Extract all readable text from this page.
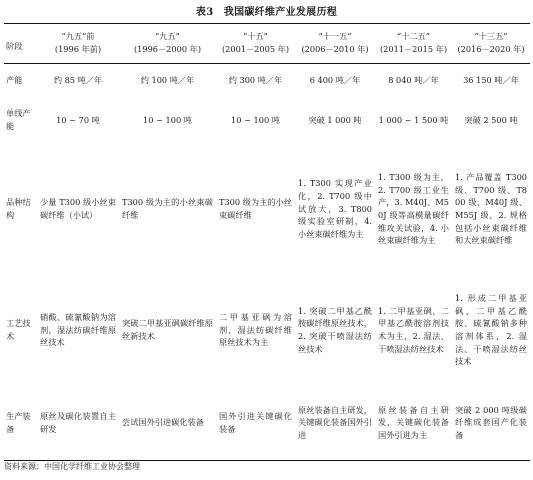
表3　我国碳纤维产业发展历程
阶段	“九五”前	“九五”	“十五”	“十一五”	“十二五”	“十三五”
	(1996 年前)	(1996－2000 年)	(2001－2005 年)	(2006－2010 年)	(2011－2015 年)	(2016－2020 年)
产能	约 85 吨／年	约 100 吨／年	约 300 吨／年	6 400 吨／年	8 040 吨／年	36 150 吨／年
单线产能	10 ~ 70 吨	10 ~ 100 吨	10 ~ 100 吨	突破 1 000 吨	1 000 ~ 1 500 吨	突破 2 500 吨
品种结构	少量 T300 级小丝束碳纤维（小试）	T300 级为主的小丝束碳纤维	T300 级为主的小丝束碳纤维	1. T300 实现产业化，2. T700 级中试放大，3. T800 级实验室研制，4. 小丝束碳纤维为主	1. T300 级为主，2. T700 级工业生产，3. M40J、M50J 级等高模量碳纤维攻关试验，4. 小丝束碳纤维为主	1. 产品覆盖 T300 级、T700 级、T800 级、M40J 级、M55J 级，2. 规格包括小丝束碳纤维和大丝束碳纤维
工艺技术	硝酸、硫氰酸钠为溶剂，湿法纺碳纤维原丝技术	突破二甲基亚砜碳纤维原丝新技术	二甲基亚砜为溶剂，湿法纺碳纤维原丝技术为主	1. 突破二甲基乙酰胺碳纤维原丝技术，2. 突破干喷湿法纺丝技术	1. 二甲基亚砜、二甲基乙酰胺溶剂技术为主，2. 湿法、干喷湿法纺丝技术	1. 形成二甲基亚砜、二甲基乙酰胺、硫氰酸钠多种溶剂体系，2. 湿法、干喷湿法纺丝技术
生产装备	原丝及碳化装置自主研发	尝试国外引进碳化装备	国外引进关键碳化装备	原丝装备自主研发，关键碳化装备国外引进	原丝装备自主研发，关键碳化装备国外引进为主	突破 2 000 吨级碳纤维成套国产化装备
资料来源：中国化学纤维工业协会整理
